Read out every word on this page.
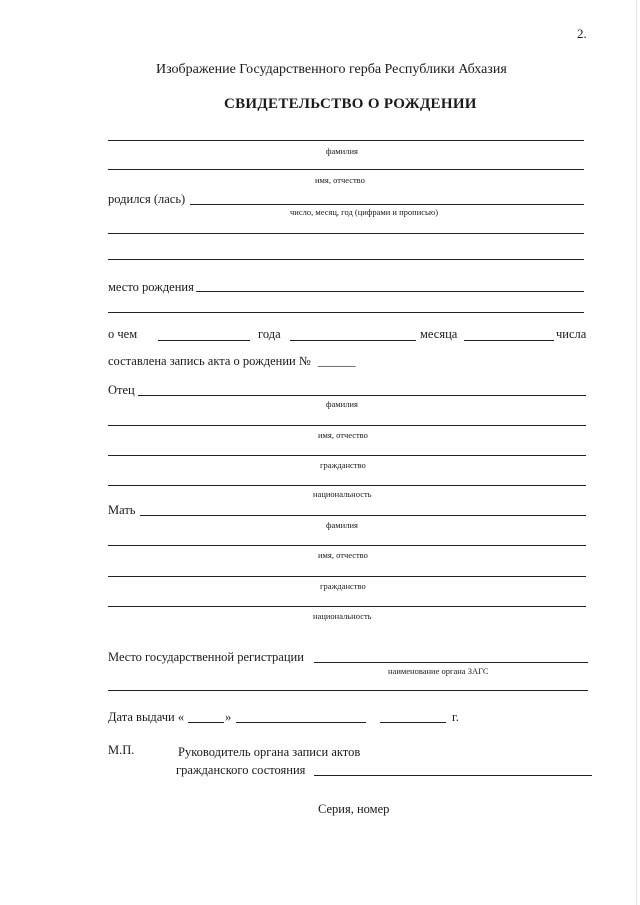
2.
Изображение Государственного герба Республики Абхазия
СВИДЕТЕЛЬСТВО О РОЖДЕНИИ
фамилия
имя, отчество
родился (лась)
число, месяц, год (цифрами и прописью)
место рождения
о чем	года	месяца	числа
составлена запись акта о рождении № ______
Отец
фамилия
имя, отчество
гражданство
национальность
Мать
фамилия
имя, отчество
гражданство
национальность
Место государственной регистрации
наименование органа ЗАГС
Дата выдачи «	»	г.
М.П.	Руководитель органа записи актов
гражданского состояния
Серия, номер
